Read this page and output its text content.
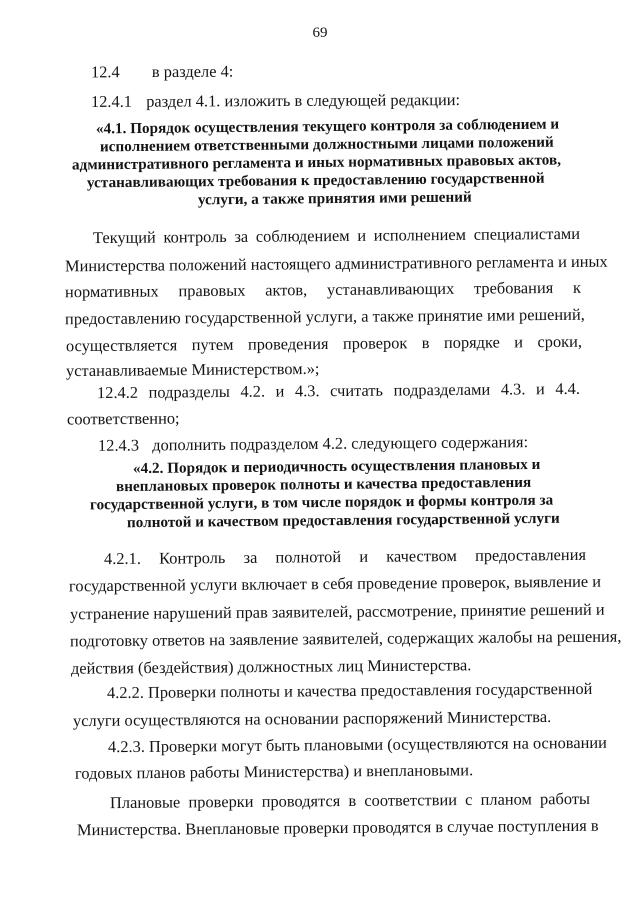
69
12.4 в разделе 4:
12.4.1 раздел 4.1. изложить в следующей редакции:
«4.1. Порядок осуществления текущего контроля за соблюдением и
исполнением ответственными должностными лицами положений
административного регламента и иных нормативных правовых актов,
устанавливающих требования к предоставлению государственной
услуги, а также принятия ими решений
Текущий контроль за соблюдением и исполнением специалистами
Министерства положений настоящего административного регламента и иных
нормативных правовых актов, устанавливающих требования к
предоставлению государственной услуги, а также принятие ими решений,
осуществляется путем проведения проверок в порядке и сроки,
устанавливаемые Министерством.»;
12.4.2 подразделы 4.2. и 4.3. считать подразделами 4.3. и 4.4.
соответственно;
12.4.3 дополнить подразделом 4.2. следующего содержания:
«4.2. Порядок и периодичность осуществления плановых и
внеплановых проверок полноты и качества предоставления
государственной услуги, в том числе порядок и формы контроля за
полнотой и качеством предоставления государственной услуги
4.2.1. Контроль за полнотой и качеством предоставления
государственной услуги включает в себя проведение проверок, выявление и
устранение нарушений прав заявителей, рассмотрение, принятие решений и
подготовку ответов на заявление заявителей, содержащих жалобы на решения,
действия (бездействия) должностных лиц Министерства.
4.2.2. Проверки полноты и качества предоставления государственной
услуги осуществляются на основании распоряжений Министерства.
4.2.3. Проверки могут быть плановыми (осуществляются на основании
годовых планов работы Министерства) и внеплановыми.
Плановые проверки проводятся в соответствии с планом работы
Министерства. Внеплановые проверки проводятся в случае поступления в
